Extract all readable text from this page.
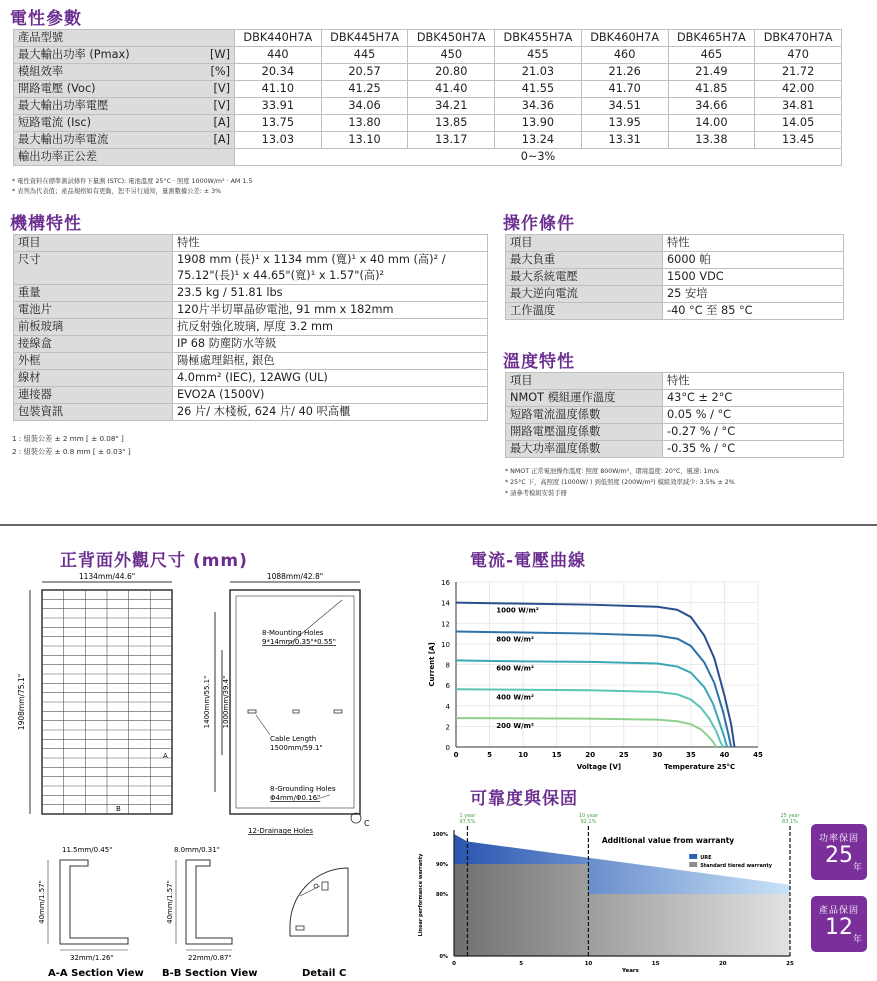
電性參數
產品型號		DBK440H7A	DBK445H7A	DBK450H7A	DBK455H7A	DBK460H7A	DBK465H7A	DBK470H7A
最大輸出功率 (Pmax)	[W]	440	445	450	455	460	465	470
模組效率	[%]	20.34	20.57	20.80	21.03	21.26	21.49	21.72
開路電壓 (Voc)	[V]	41.10	41.25	41.40	41.55	41.70	41.85	42.00
最大輸出功率電壓	[V]	33.91	34.06	34.21	34.36	34.51	34.66	34.81
短路電流 (Isc)	[A]	13.75	13.80	13.85	13.90	13.95	14.00	14.05
最大輸出功率電流	[A]	13.03	13.10	13.17	13.24	13.31	13.38	13.45
輸出功率正公差		0~3%						
* 電性資料在標準測試條件下量測 (STC): 電池溫度 25°C ‧ 照度 1000W/m² ‧ AM 1.5
* 表列為代表值；產品規格如有更動，恕不另行通知，量測數據公差: ± 3%
機構特性
項目	特性
尺寸	1908 mm (長)¹ x 1134 mm (寬)¹ x 40 mm (高)² /
75.12"(長)¹ x 44.65"(寬)¹ x 1.57"(高)²

重量	23.5 kg / 51.81 lbs

電池片	120片半切單晶矽電池, 91 mm x 182mm

前板玻璃	抗反射強化玻璃, 厚度 3.2 mm

接線盒	IP 68 防塵防水等級

外框	陽極處理鋁框, 銀色

線材	4.0mm² (IEC), 12AWG (UL)

連接器	EVO2A (1500V)

包裝資訊	26 片/ 木棧板, 624 片/ 40 呎高櫃
1 : 組裝公差 ± 2 mm [ ± 0.08" ]
2 : 組裝公差 ± 0.8 mm [ ± 0.03" ]
操作條件
項目	特性
最大負重	6000 帕
最大系統電壓	1500 VDC
最大逆向電流	25 安培
工作溫度	-40 °C 至 85 °C
溫度特性
項目	特性
NMOT 模組運作溫度	43°C ± 2°C
短路電流溫度係數	0.05 % / °C
開路電壓溫度係數	-0.27 % / °C
最大功率溫度係數	-0.35 % / °C
* NMOT 正常電池操作溫度: 照度 800W/m²，環境溫度: 20°C，風速: 1m/s
* 25°C 下，高照度 (1000W/ ) 到低照度 (200W/m²) 模組效率減少: 3.5% ± 2%
* 請參考模組安裝手冊
正背面外觀尺寸 (mm)
1134mm/44.6"
1908mm/75.1"
A
B
1088mm/42.8"
1400mm/55.1" 1000mm/39.4"
8-Mounting Holes
9*14mm/0.35"*0.55"
Cable Length
1500mm/59.1"
8-Grounding Holes
Φ4mm/Φ0.16"
12-Drainage Holes
C
11.5mm/0.45"
40mm/1.57"
32mm/1.26"
A-A Section View
8.0mm/0.31"
40mm/1.57"
22mm/0.87"
B-B Section View	Detail C
電流-電壓曲線
0
2
4
6
8
10
12
14
16
0	5	10	15	20	25	30	35	40	45
1000 W/m²
800 W/m²
600 W/m²
400 W/m²
200 W/m²
Voltage [V]	Temperature 25°C
Current [A]
可靠度與保固
100%
90%
80%
0%
0	5	10	15	20	25
1 year
97.5%
10 year
92.1%
25 year
83.1%
Additional value from warranty
URE
Standard tiered warranty
Years
Linear performance warranty
功率保固
25 年
產品保固
12 年
